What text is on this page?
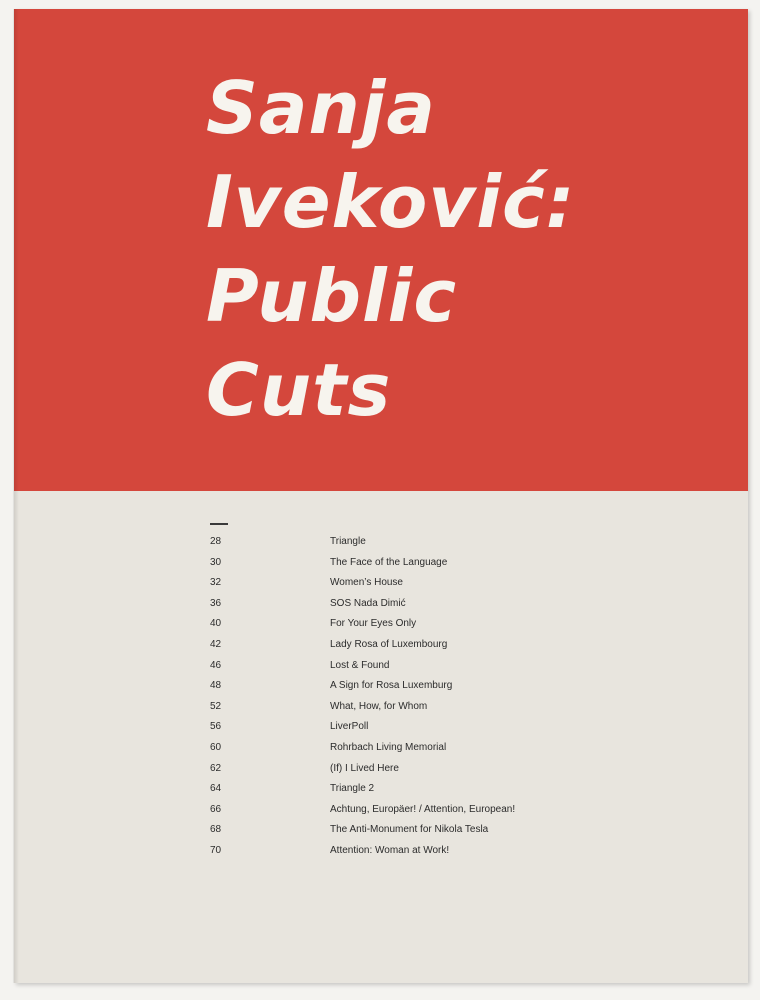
Sanja
Iveković:
Public
Cuts
28	Triangle
30	The Face of the Language
32	Women’s House
36	SOS Nada Dimić
40	For Your Eyes Only
42	Lady Rosa of Luxembourg
46	Lost & Found
48	A Sign for Rosa Luxemburg
52	What, How, for Whom
56	LiverPoll
60	Rohrbach Living Memorial
62	(If) I Lived Here
64	Triangle 2
66	Achtung, Europäer! / Attention, European!
68	The Anti-Monument for Nikola Tesla
70	Attention: Woman at Work!
